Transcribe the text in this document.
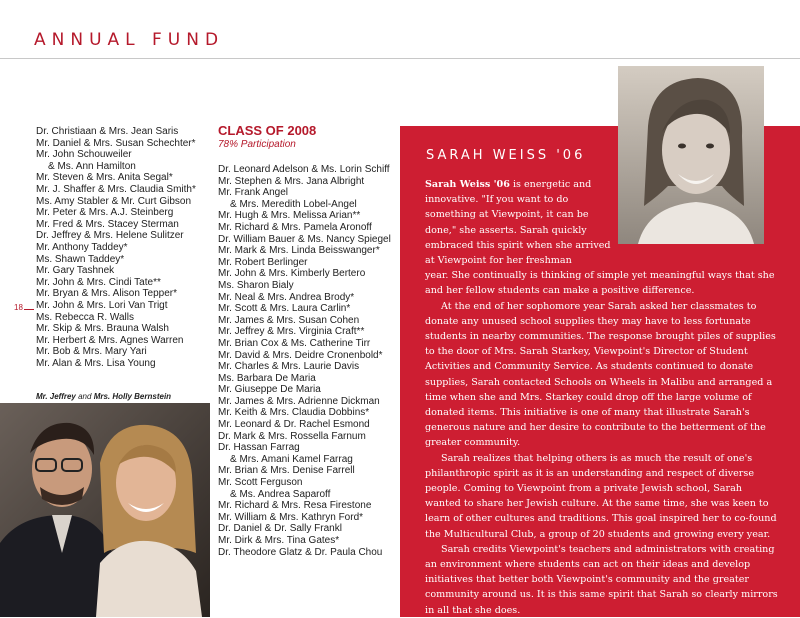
ANNUAL FUND
18
Dr. Christiaan & Mrs. Jean Saris
Mr. Daniel & Mrs. Susan Schechter*
Mr. John Schouweiler
& Ms. Ann Hamilton
Mr. Steven & Mrs. Anita Segal*
Mr. J. Shaffer & Mrs. Claudia Smith*
Ms. Amy Stabler & Mr. Curt Gibson
Mr. Peter & Mrs. A.J. Steinberg
Mr. Fred & Mrs. Stacey Sterman
Dr. Jeffrey & Mrs. Helene Sulitzer
Mr. Anthony Taddey*
Ms. Shawn Taddey*
Mr. Gary Tashnek
Mr. John & Mrs. Cindi Tate**
Mr. Bryan & Mrs. Alison Tepper*
Mr. John & Mrs. Lori Van Trigt
Ms. Rebecca R. Walls
Mr. Skip & Mrs. Brauna Walsh
Mr. Herbert & Mrs. Agnes Warren
Mr. Bob & Mrs. Mary Yari
Mr. Alan & Mrs. Lisa Young
Mr. Jeffrey and Mrs. Holly Bernstein
CLASS OF 2008
78% Participation
Dr. Leonard Adelson & Ms. Lorin Schiff
Mr. Stephen & Mrs. Jana Albright
Mr. Frank Angel
& Mrs. Meredith Lobel-Angel
Mr. Hugh & Mrs. Melissa Arian**
Mr. Richard & Mrs. Pamela Aronoff
Dr. William Bauer & Ms. Nancy Spiegel
Mr. Mark & Mrs. Linda Beisswanger*
Mr. Robert Berlinger
Mr. John & Mrs. Kimberly Bertero
Ms. Sharon Bialy
Mr. Neal & Mrs. Andrea Brody*
Mr. Scott & Mrs. Laura Carlin*
Mr. James & Mrs. Susan Cohen
Mr. Jeffrey & Mrs. Virginia Craft**
Mr. Brian Cox & Ms. Catherine Tirr
Mr. David & Mrs. Deidre Cronenbold*
Mr. Charles & Mrs. Laurie Davis
Ms. Barbara De Maria
Mr. Giuseppe De Maria
Mr. James & Mrs. Adrienne Dickman
Mr. Keith & Mrs. Claudia Dobbins*
Mr. Leonard & Dr. Rachel Esmond
Dr. Mark & Mrs. Rossella Farnum
Dr. Hassan Farrag
& Mrs. Amani Kamel Farrag
Mr. Brian & Mrs. Denise Farrell
Mr. Scott Ferguson
& Ms. Andrea Saparoff
Mr. Richard & Mrs. Resa Firestone
Mr. William & Mrs. Kathryn Ford*
Dr. Daniel & Dr. Sally Frankl
Mr. Dirk & Mrs. Tina Gates*
Dr. Theodore Glatz & Dr. Paula Chou
SARAH WEISS '06

Sarah Weiss '06 is energetic and innovative. "If you want to do something at Viewpoint, it can be done," she asserts. Sarah quickly embraced this spirit when she arrived at Viewpoint for her freshman
year. She continually is thinking of simple yet meaningful ways that she and her fellow students can make a positive difference.

At the end of her sophomore year Sarah asked her classmates to donate any unused school supplies they may have to less fortunate students in nearby communities. The response brought piles of supplies to the door of Mrs. Sarah Starkey, Viewpoint's Director of Student Activities and Community Service. As students continued to donate supplies, Sarah contacted Schools on Wheels in Malibu and arranged a time when she and Mrs. Starkey could drop off the large volume of donated items. This initiative is one of many that illustrate Sarah's generous nature and her desire to contribute to the betterment of the greater community.

Sarah realizes that helping others is as much the result of one's philanthropic spirit as it is an understanding and respect of diverse people. Coming to Viewpoint from a private Jewish school, Sarah wanted to share her Jewish culture. At the same time, she was keen to learn of other cultures and traditions. This goal inspired her to co-found the Multicultural Club, a group of 20 students and growing every year.

Sarah credits Viewpoint's teachers and administrators with creating an environment where students can act on their ideas and develop initiatives that better both Viewpoint's community and the greater community around us. It is this same spirit that Sarah so clearly mirrors in all that she does.
